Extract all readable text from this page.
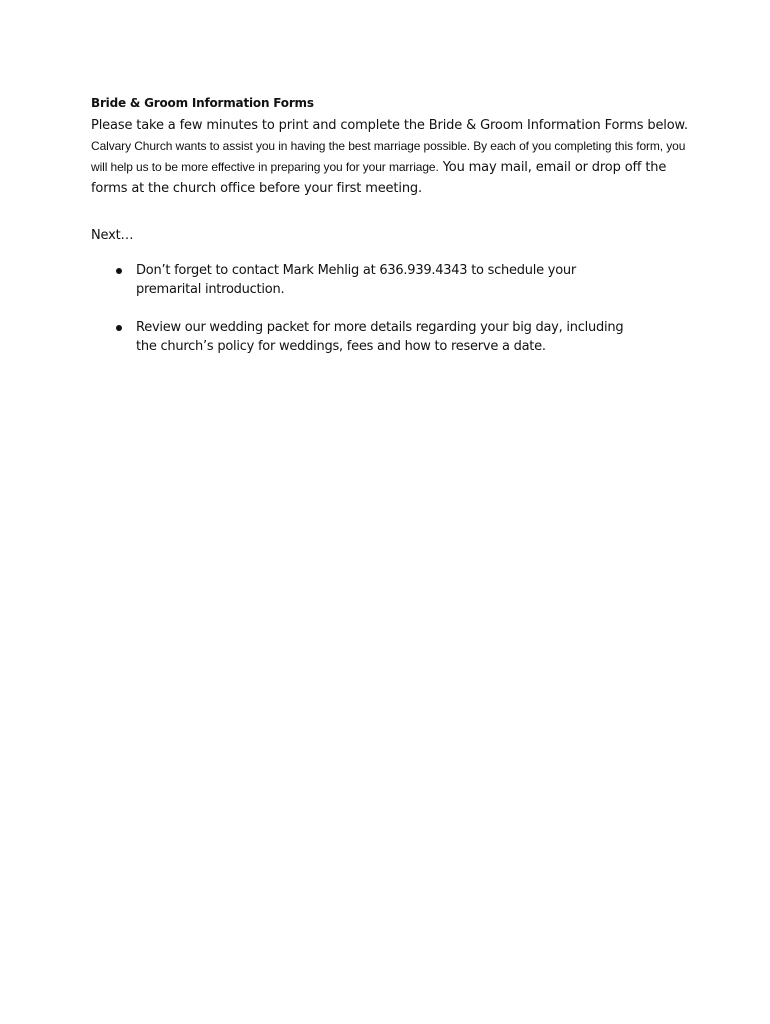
Bride & Groom Information Forms

Please take a few minutes to print and complete the Bride & Groom Information Forms below. Calvary Church wants to assist you in having the best marriage possible. By each of you completing this form, you will help us to be more effective in preparing you for your marriage. You may mail, email or drop off the forms at the church office before your first meeting.

Next…

Don’t forget to contact Mark Mehlig at 636.939.4343 to schedule your premarital introduction.
Review our wedding packet for more details regarding your big day, including the church’s policy for weddings, fees and how to reserve a date.
